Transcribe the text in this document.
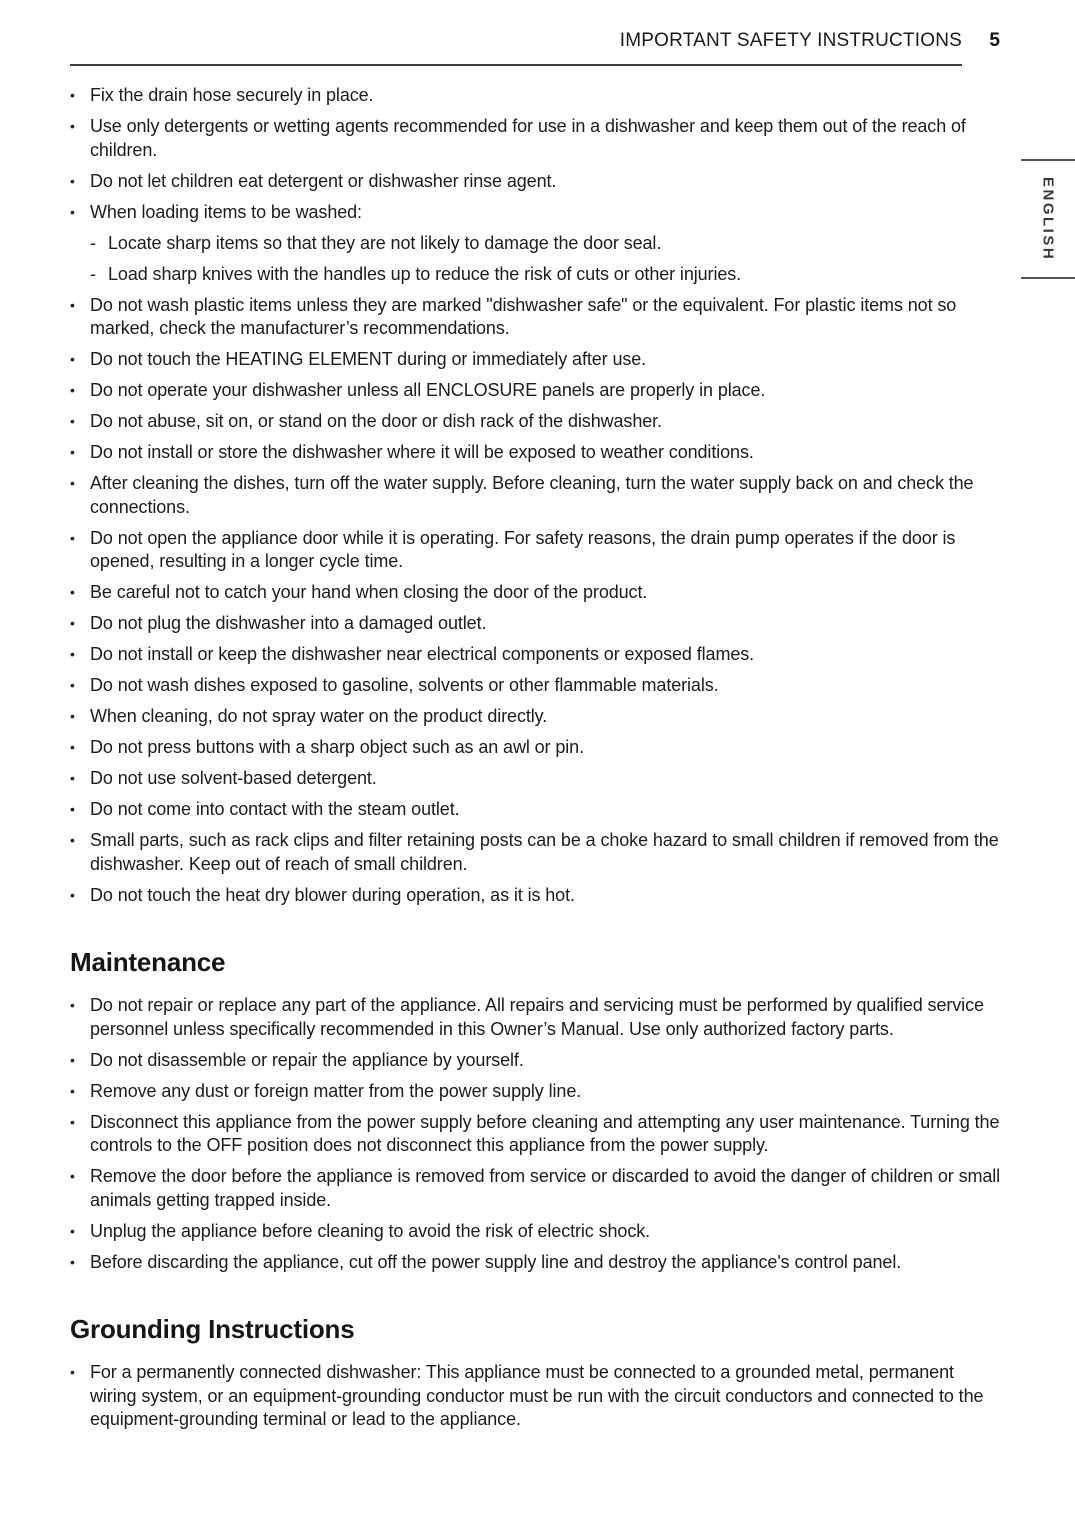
IMPORTANT SAFETY INSTRUCTIONS 5
• Fix the drain hose securely in place.
• Use only detergents or wetting agents recommended for use in a dishwasher and keep them out of the reach of children.
• Do not let children eat detergent or dishwasher rinse agent.
• When loading items to be washed:
- Locate sharp items so that they are not likely to damage the door seal.
- Load sharp knives with the handles up to reduce the risk of cuts or other injuries.
• Do not wash plastic items unless they are marked "dishwasher safe" or the equivalent. For plastic items not so marked, check the manufacturer’s recommendations.
• Do not touch the HEATING ELEMENT during or immediately after use.
• Do not operate your dishwasher unless all ENCLOSURE panels are properly in place.
• Do not abuse, sit on, or stand on the door or dish rack of the dishwasher.
• Do not install or store the dishwasher where it will be exposed to weather conditions.
• After cleaning the dishes, turn off the water supply. Before cleaning, turn the water supply back on and check the connections.
• Do not open the appliance door while it is operating. For safety reasons, the drain pump operates if the door is opened, resulting in a longer cycle time.
• Be careful not to catch your hand when closing the door of the product.
• Do not plug the dishwasher into a damaged outlet.
• Do not install or keep the dishwasher near electrical components or exposed flames.
• Do not wash dishes exposed to gasoline, solvents or other flammable materials.
• When cleaning, do not spray water on the product directly.
• Do not press buttons with a sharp object such as an awl or pin.
• Do not use solvent-based detergent.
• Do not come into contact with the steam outlet.
• Small parts, such as rack clips and filter retaining posts can be a choke hazard to small children if removed from the dishwasher. Keep out of reach of small children.
• Do not touch the heat dry blower during operation, as it is hot.
Maintenance
• Do not repair or replace any part of the appliance. All repairs and servicing must be performed by qualified service personnel unless specifically recommended in this Owner’s Manual. Use only authorized factory parts.
• Do not disassemble or repair the appliance by yourself.
• Remove any dust or foreign matter from the power supply line.
• Disconnect this appliance from the power supply before cleaning and attempting any user maintenance. Turning the controls to the OFF position does not disconnect this appliance from the power supply.
• Remove the door before the appliance is removed from service or discarded to avoid the danger of children or small animals getting trapped inside.
• Unplug the appliance before cleaning to avoid the risk of electric shock.
• Before discarding the appliance, cut off the power supply line and destroy the appliance's control panel.
Grounding Instructions
• For a permanently connected dishwasher: This appliance must be connected to a grounded metal, permanent wiring system, or an equipment-grounding conductor must be run with the circuit conductors and connected to the equipment-grounding terminal or lead to the appliance.
ENGLISH
